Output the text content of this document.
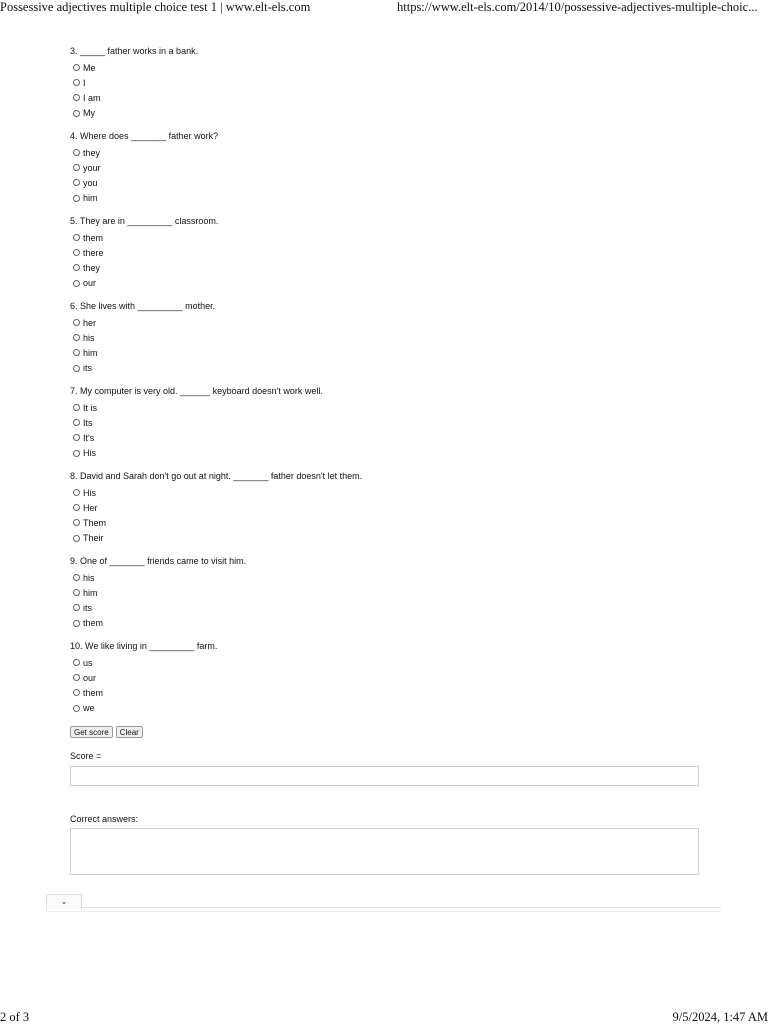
Possessive adjectives multiple choice test 1 | www.elt-els.com	https://www.elt-els.com/2014/10/possessive-adjectives-multiple-choic...
3. _____ father works in a bank.
Me
I
I am
My
4. Where does _______ father work?
they
your
you
him
5. They are in _________ classroom.
them
there
they
our
6. She lives with _________ mother.
her
his
him
its
7. My computer is very old. ______ keyboard doesn't work well.
It is
Its
It's
His
8. David and Sarah don't go out at night. _______ father doesn't let them.
His
Her
Them
Their
9. One of _______ friends came to visit him.
his
him
its
them
10. We like living in _________ farm.
us
our
them
we
Get score	Clear
Score =
Correct answers:
⌄
2 of 3	9/5/2024, 1:47 AM
